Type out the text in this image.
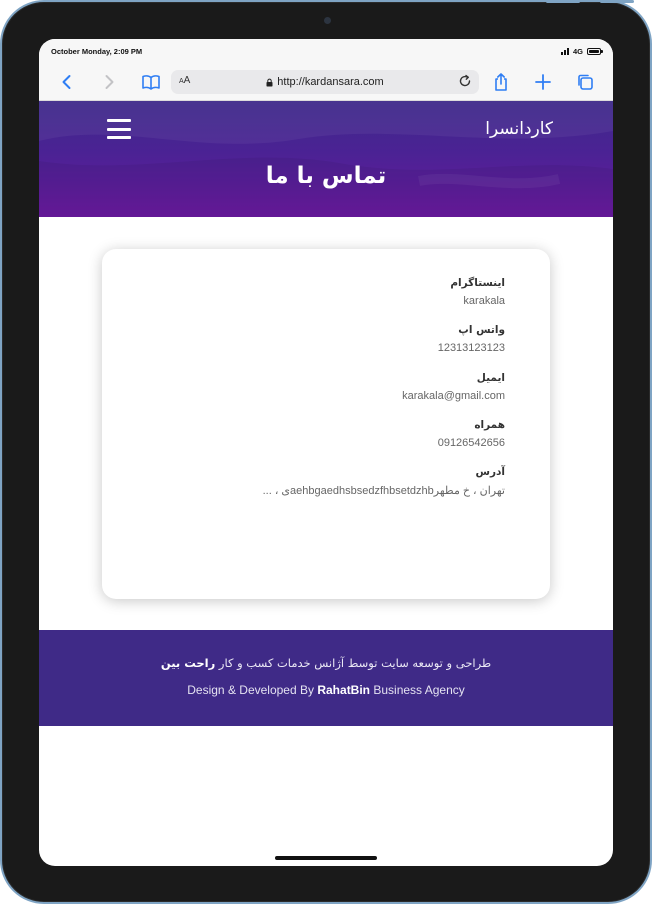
October Monday, 2:09 PM	4G
AA	http://kardansara.com
کاردانسرا
تماس با ما
اینستاگرام
karakala
واتس اپ
12313123123
ایمیل
karakala@gmail.com
همراه
09126542656
آدرس
تهران ، خ مطهرaehbgaedhsbsedzfhbsetdzhbی ، ...
طراحی و توسعه سایت توسط آژانس خدمات کسب و کار راحت بین
Design & Developed By RahatBin Business Agency
